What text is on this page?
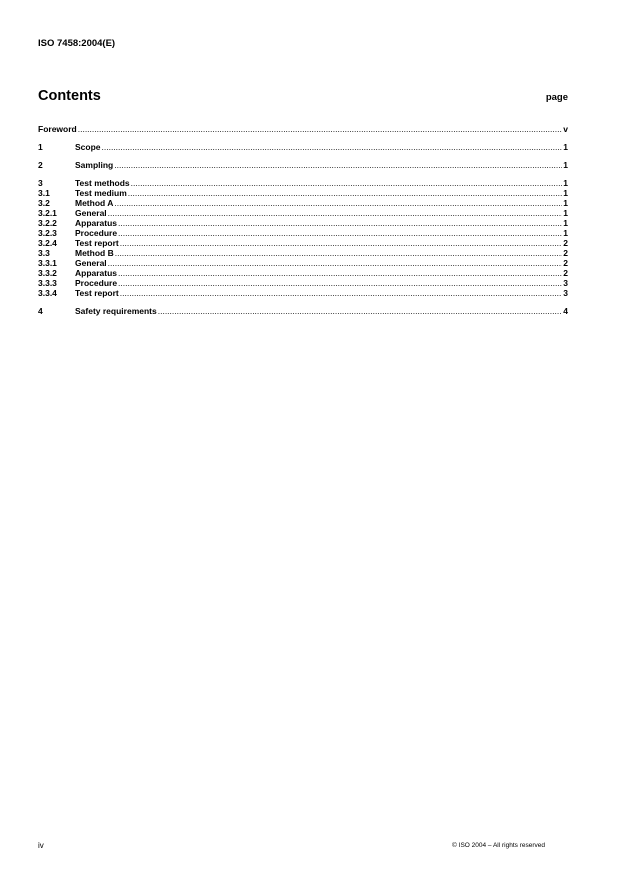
ISO 7458:2004(E)
Contents	page
Foreword .....	v
1	Scope .....	1
2	Sampling .....	1
3	Test methods .....	1
3.1	Test medium .....	1
3.2	Method A .....	1
3.2.1 General .....	1
3.2.2 Apparatus .....	1
3.2.3 Procedure .....	1
3.2.4 Test report .....	2
3.3	Method B .....	2
3.3.1 General .....	2
3.3.2 Apparatus .....	2
3.3.3 Procedure .....	3
3.3.4 Test report .....	3
4	Safety requirements .....	4
iv	© ISO 2004 – All rights reserved
